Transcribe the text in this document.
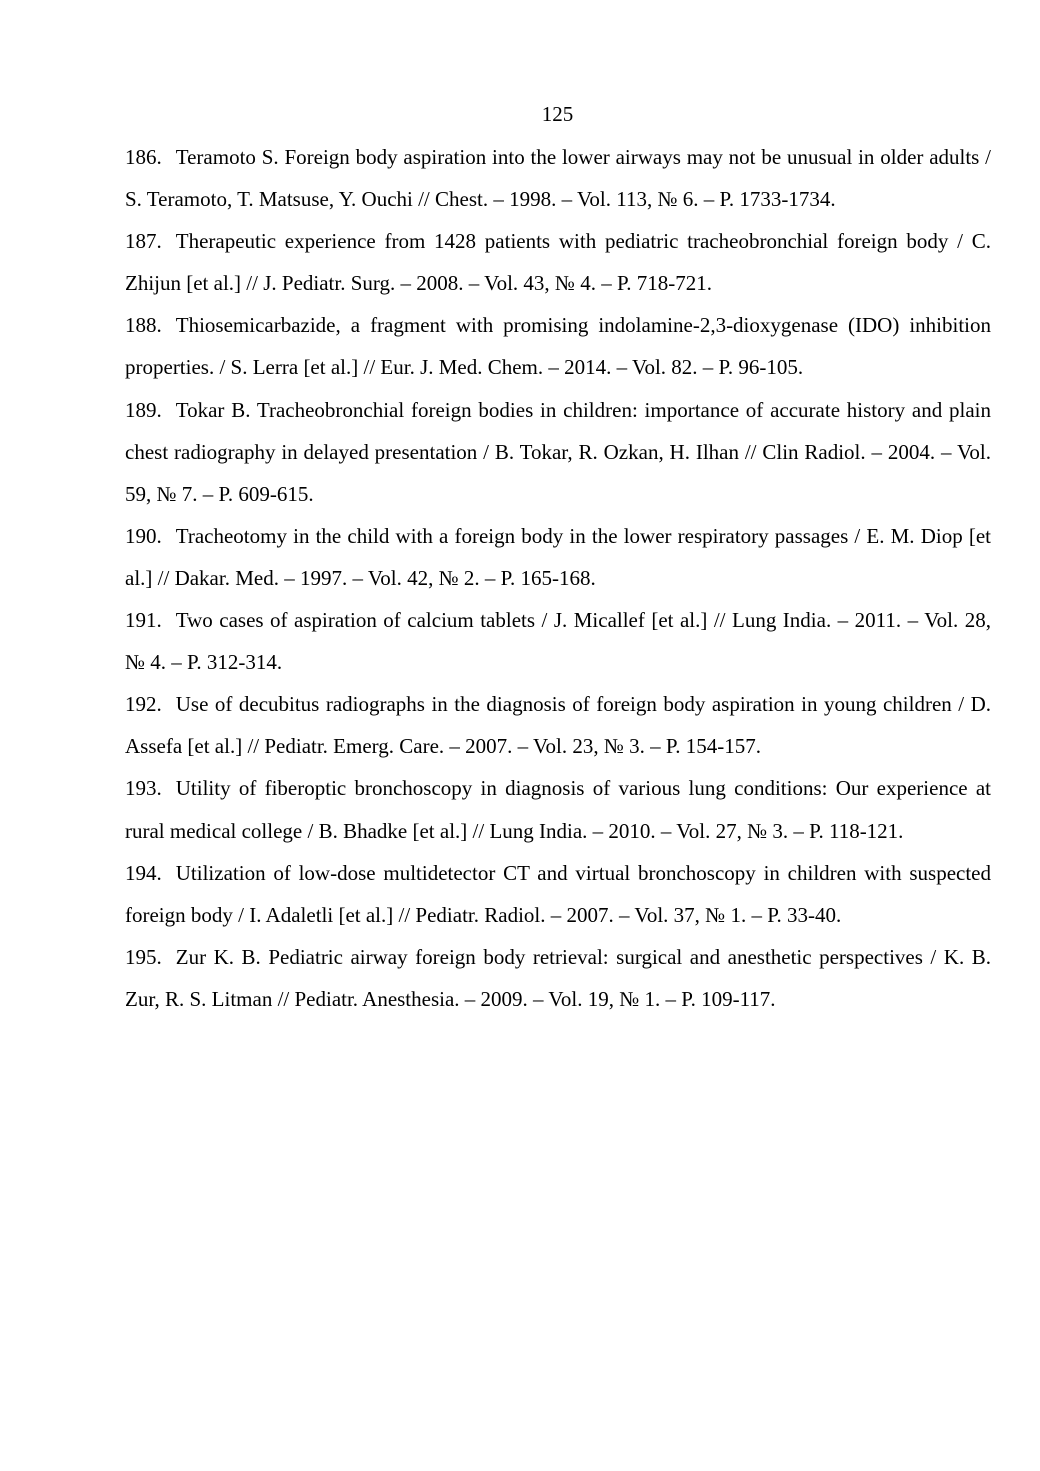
125

186. Teramoto S. Foreign body aspiration into the lower airways may not be unusual in older adults / S. Teramoto, T. Matsuse, Y. Ouchi // Chest. – 1998. – Vol. 113, № 6. – P. 1733-1734.

187. Therapeutic experience from 1428 patients with pediatric tracheobronchial foreign body / C. Zhijun [et al.] // J. Pediatr. Surg. – 2008. – Vol. 43, № 4. – P. 718-721.

188. Thiosemicarbazide, a fragment with promising indolamine-2,3-dioxygenase (IDO) inhibition properties. / S. Lerra [et al.] // Eur. J. Med. Chem. – 2014. – Vol. 82. – P. 96-105.

189. Tokar B. Tracheobronchial foreign bodies in children: importance of accurate history and plain chest radiography in delayed presentation / B. Tokar, R. Ozkan, H. Ilhan // Clin Radiol. – 2004. – Vol. 59, № 7. – P. 609-615.

190. Tracheotomy in the child with a foreign body in the lower respiratory passages / E. M. Diop [et al.] // Dakar. Med. – 1997. – Vol. 42, № 2. – P. 165-168.

191. Two cases of aspiration of calcium tablets / J. Micallef [et al.] // Lung India. – 2011. – Vol. 28, № 4. – P. 312-314.

192. Use of decubitus radiographs in the diagnosis of foreign body aspiration in young children / D. Assefa [et al.] // Pediatr. Emerg. Care. – 2007. – Vol. 23, № 3. – P. 154-157.

193. Utility of fiberoptic bronchoscopy in diagnosis of various lung conditions: Our experience at rural medical college / B. Bhadke [et al.] // Lung India. – 2010. – Vol. 27, № 3. – P. 118-121.

194. Utilization of low-dose multidetector CT and virtual bronchoscopy in children with suspected foreign body / I. Adaletli [et al.] // Pediatr. Radiol. – 2007. – Vol. 37, № 1. – P. 33-40.

195. Zur K. B. Pediatric airway foreign body retrieval: surgical and anesthetic perspectives / K. B. Zur, R. S. Litman // Pediatr. Anesthesia. – 2009. – Vol. 19, № 1. – P. 109-117.
